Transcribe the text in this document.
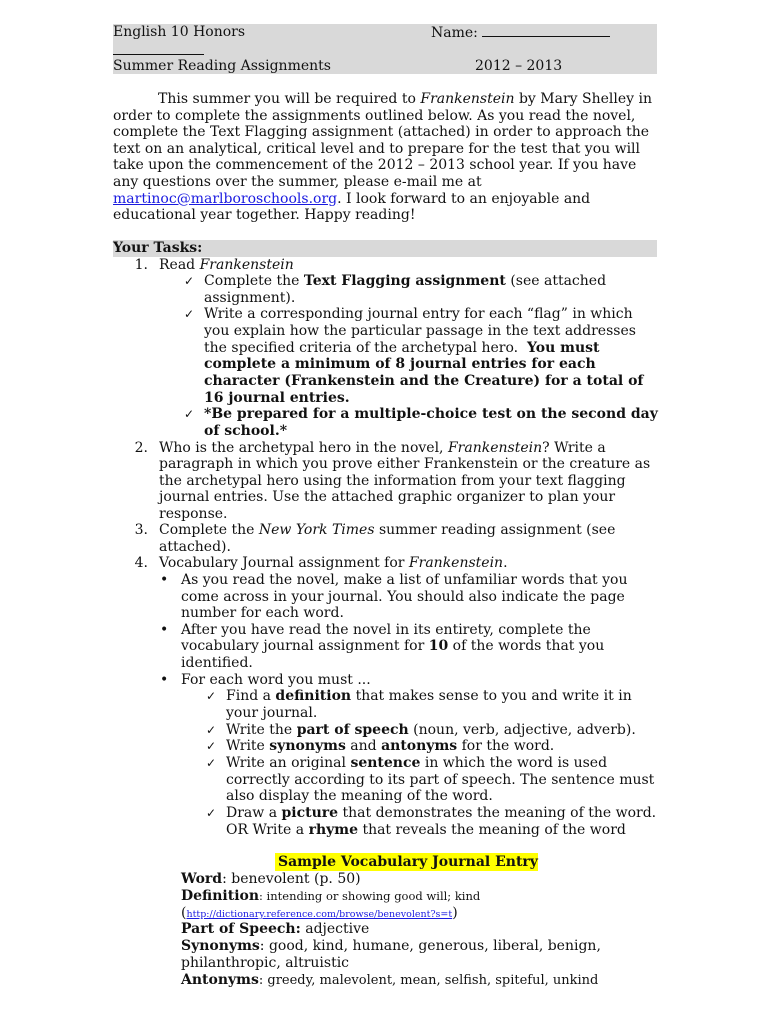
English 10 Honors	Name:
Summer Reading Assignments	2012 – 2013

This summer you will be required to Frankenstein by Mary Shelley in order to complete the assignments outlined below. As you read the novel, complete the Text Flagging assignment (attached) in order to approach the text on an analytical, critical level and to prepare for the test that you will take upon the commencement of the 2012 – 2013 school year. If you have any questions over the summer, please e-mail me at
martinoc@marlboroschools.org. I look forward to an enjoyable and educational year together. Happy reading!

Your Tasks:
1. Read Frankenstein
✓ Complete the Text Flagging assignment (see attached
assignment).
✓ Write a corresponding journal entry for each “flag” in which
you explain how the particular passage in the text addresses
the specified criteria of the archetypal hero. You must
complete a minimum of 8 journal entries for each
character (Frankenstein and the Creature) for a total of
16 journal entries.
✓ *Be prepared for a multiple-choice test on the second day
of school.*
2. Who is the archetypal hero in the novel, Frankenstein? Write a
paragraph in which you prove either Frankenstein or the creature as
the archetypal hero using the information from your text flagging
journal entries. Use the attached graphic organizer to plan your
response.
3. Complete the New York Times summer reading assignment (see
attached).
4. Vocabulary Journal assignment for Frankenstein.
• As you read the novel, make a list of unfamiliar words that you
come across in your journal. You should also indicate the page
number for each word.
• After you have read the novel in its entirety, complete the
vocabulary journal assignment for 10 of the words that you
identified.
• For each word you must ...
✓ Find a definition that makes sense to you and write it in
your journal.
✓ Write the part of speech (noun, verb, adjective, adverb).
✓ Write synonyms and antonyms for the word.
✓ Write an original sentence in which the word is used
correctly according to its part of speech. The sentence must
also display the meaning of the word.
✓ Draw a picture that demonstrates the meaning of the word.
OR Write a rhyme that reveals the meaning of the word
Sample Vocabulary Journal Entry
Word: benevolent (p. 50)
Definition: intending or showing good will; kind
(http://dictionary.reference.com/browse/benevolent?s=t)
Part of Speech: adjective
Synonyms: good, kind, humane, generous, liberal, benign,
philanthropic, altruistic
Antonyms: greedy, malevolent, mean, selfish, spiteful, unkind
